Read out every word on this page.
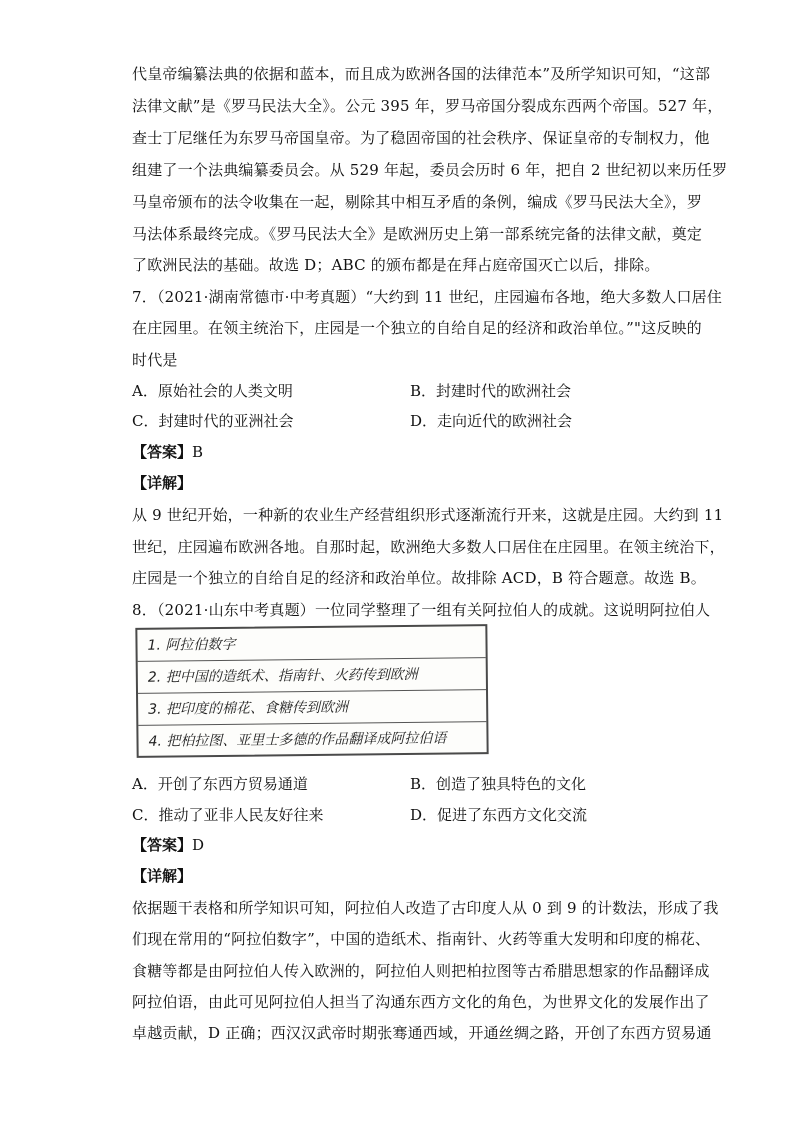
代皇帝编纂法典的依据和蓝本，而且成为欧洲各国的法律范本”及所学知识可知，“这部
法律文献”是《罗马民法大全》。公元 395 年，罗马帝国分裂成东西两个帝国。527 年，
查士丁尼继任为东罗马帝国皇帝。为了稳固帝国的社会秩序、保证皇帝的专制权力，他
组建了一个法典编纂委员会。从 529 年起，委员会历时 6 年，把自 2 世纪初以来历任罗
马皇帝颁布的法令收集在一起，剔除其中相互矛盾的条例，编成《罗马民法大全》，罗
马法体系最终完成。《罗马民法大全》是欧洲历史上第一部系统完备的法律文献，奠定
了欧洲民法的基础。故选 D；ABC 的颁布都是在拜占庭帝国灭亡以后，排除。
7．（2021·湖南常德市·中考真题）“大约到 11 世纪，庄园遍布各地，绝大多数人口居住
在庄园里。在领主统治下，庄园是一个独立的自给自足的经济和政治单位。”"这反映的
时代是
A．原始社会的人类文明	B．封建时代的欧洲社会
C．封建时代的亚洲社会	D．走向近代的欧洲社会
【答案】B
【详解】
从 9 世纪开始，一种新的农业生产经营组织形式逐渐流行开来，这就是庄园。大约到 11
世纪，庄园遍布欧洲各地。自那时起，欧洲绝大多数人口居住在庄园里。在领主统治下，
庄园是一个独立的自给自足的经济和政治单位。故排除 ACD，B 符合题意。故选 B。
8．（2021·山东中考真题）一位同学整理了一组有关阿拉伯人的成就。这说明阿拉伯人
1. 阿拉伯数字
2. 把中国的造纸术、指南针、火药传到欧洲
3. 把印度的棉花、食糖传到欧洲
4. 把柏拉图、亚里士多德的作品翻译成阿拉伯语
A．开创了东西方贸易通道	B．创造了独具特色的文化
C．推动了亚非人民友好往来	D．促进了东西方文化交流
【答案】D
【详解】
依据题干表格和所学知识可知，阿拉伯人改造了古印度人从 0 到 9 的计数法，形成了我
们现在常用的“阿拉伯数字”，中国的造纸术、指南针、火药等重大发明和印度的棉花、
食糖等都是由阿拉伯人传入欧洲的，阿拉伯人则把柏拉图等古希腊思想家的作品翻译成
阿拉伯语，由此可见阿拉伯人担当了沟通东西方文化的角色，为世界文化的发展作出了
卓越贡献，D 正确；西汉汉武帝时期张骞通西域，开通丝绸之路，开创了东西方贸易通
